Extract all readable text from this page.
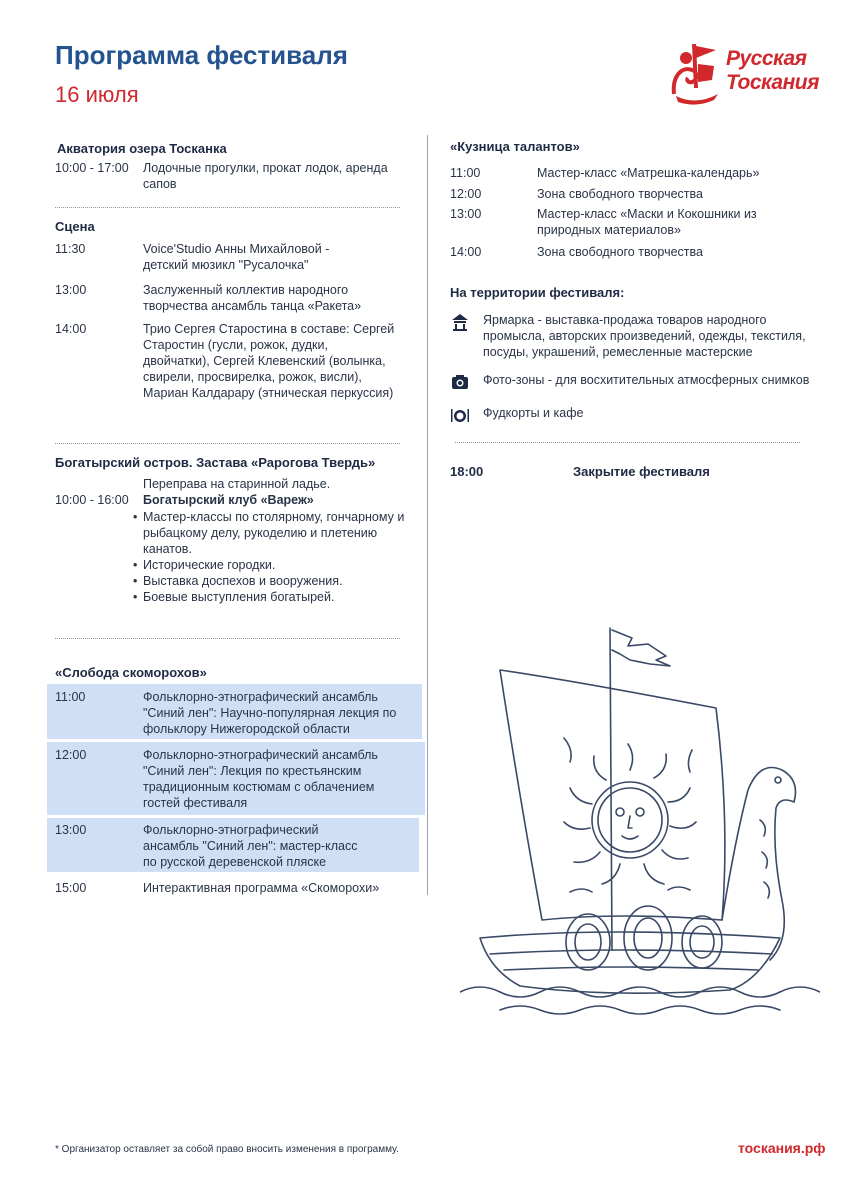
Программа фестиваля
16 июля
Русская
Тоскания
Акватория озера Тосканка
10:00 - 17:00 Лодочные прогулки, прокат лодок, аренда сапов
Сцена
11:30	Voice'Studio Анны Михайловой - детский мюзикл "Русалочка"
13:00	Заслуженный коллектив народного творчества ансамбль танца «Ракета»
14:00	Трио Сергея Старостина в составе: Сергей Старостин (гусли, рожок, дудки, двойчатки), Сергей Клевенский (волынка, свирели, просвирелка, рожок, висли), Мариан Калдарару (этническая перкуссия)
Богатырский остров. Застава «Рарогова Твердь»
Переправа на старинной ладье.
10:00 - 16:00 Богатырский клуб «Вареж»
• Мастер-классы по столярному, гончарному и рыбацкому делу, рукоделию и плетению канатов.
• Исторические городки.
• Выставка доспехов и вооружения.
• Боевые выступления богатырей.
«Слобода скоморохов»
11:00	Фольклорно-этнографический ансамбль "Синий лен": Научно-популярная лекция по фольклору Нижегородской области
12:00	Фольклорно-этнографический ансамбль "Синий лен": Лекция по крестьянским традиционным костюмам с облачением гостей фестиваля
13:00	Фольклорно-этнографический ансамбль "Синий лен": мастер-класс по русской деревенской пляске
15:00	Интерактивная программа «Скоморохи»
«Кузница талантов»
11:00	Мастер-класс «Матрешка-календарь»
12:00	Зона свободного творчества
13:00	Мастер-класс «Маски и Кокошники из природных материалов»
14:00	Зона свободного творчества
На территории фестиваля:
Ярмарка - выставка-продажа товаров народного промысла, авторских произведений, одежды, текстиля, посуды, украшений, ремесленные мастерские
Фото-зоны - для восхитительных атмосферных снимков
Фудкорты и кафе
18:00	Закрытие фестиваля
* Организатор оставляет за собой право вносить изменения в программу.	тоскания.рф
